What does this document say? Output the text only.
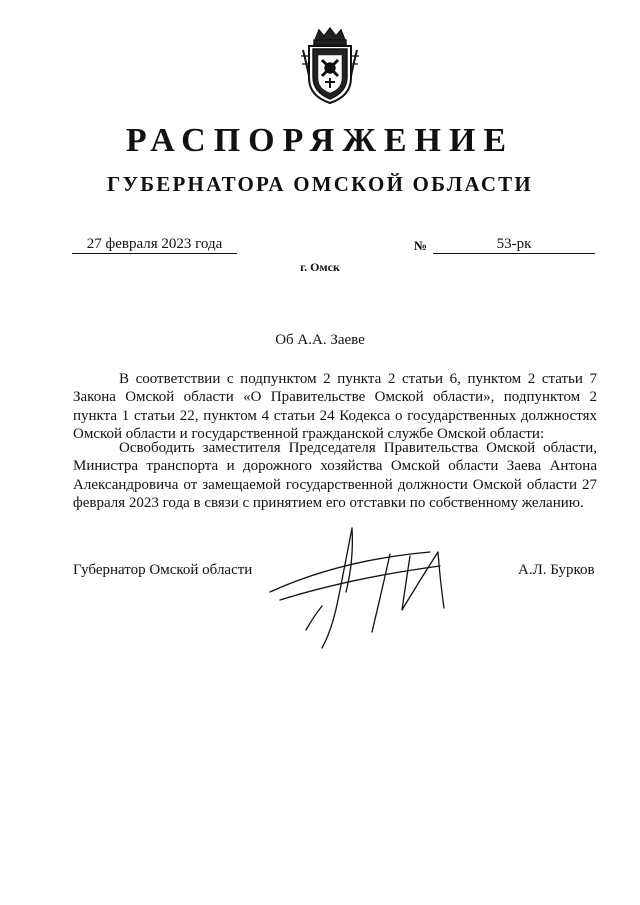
РАСПОРЯЖЕНИЕ
ГУБЕРНАТОРА ОМСКОЙ ОБЛАСТИ
27 февраля 2023 года	№	53-рк
г. Омск
Об А.А. Заеве

В соответствии с подпунктом 2 пункта 2 статьи 6, пунктом 2 статьи 7 Закона Омской области «О Правительстве Омской области», подпунктом 2 пункта 1 статьи 22, пунктом 4 статьи 24 Кодекса о государственных должностях Омской области и государственной гражданской службе Омской области:

Освободить заместителя Председателя Правительства Омской области, Министра транспорта и дорожного хозяйства Омской области Заева Антона Александровича от замещаемой государственной должности Омской области 27 февраля 2023 года в связи с принятием его отставки по собственному желанию.

Губернатор Омской области	А.Л. Бурков
